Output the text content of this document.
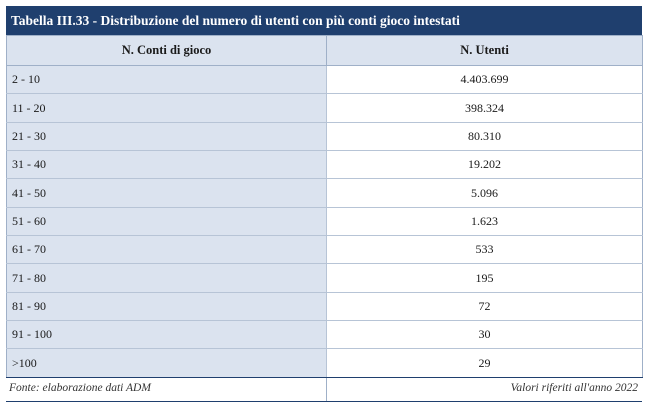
Tabella III.33 - Distribuzione del numero di utenti con più conti gioco intestati
N. Conti di gioco	N. Utenti
2 - 10	4.403.699
11 - 20	398.324
21 - 30	80.310
31 - 40	19.202
41 - 50	5.096
51 - 60	1.623
61 - 70	533
71 - 80	195
81 - 90	72
91 - 100	30
>100	29
Fonte: elaborazione dati ADM	Valori riferiti all'anno 2022
